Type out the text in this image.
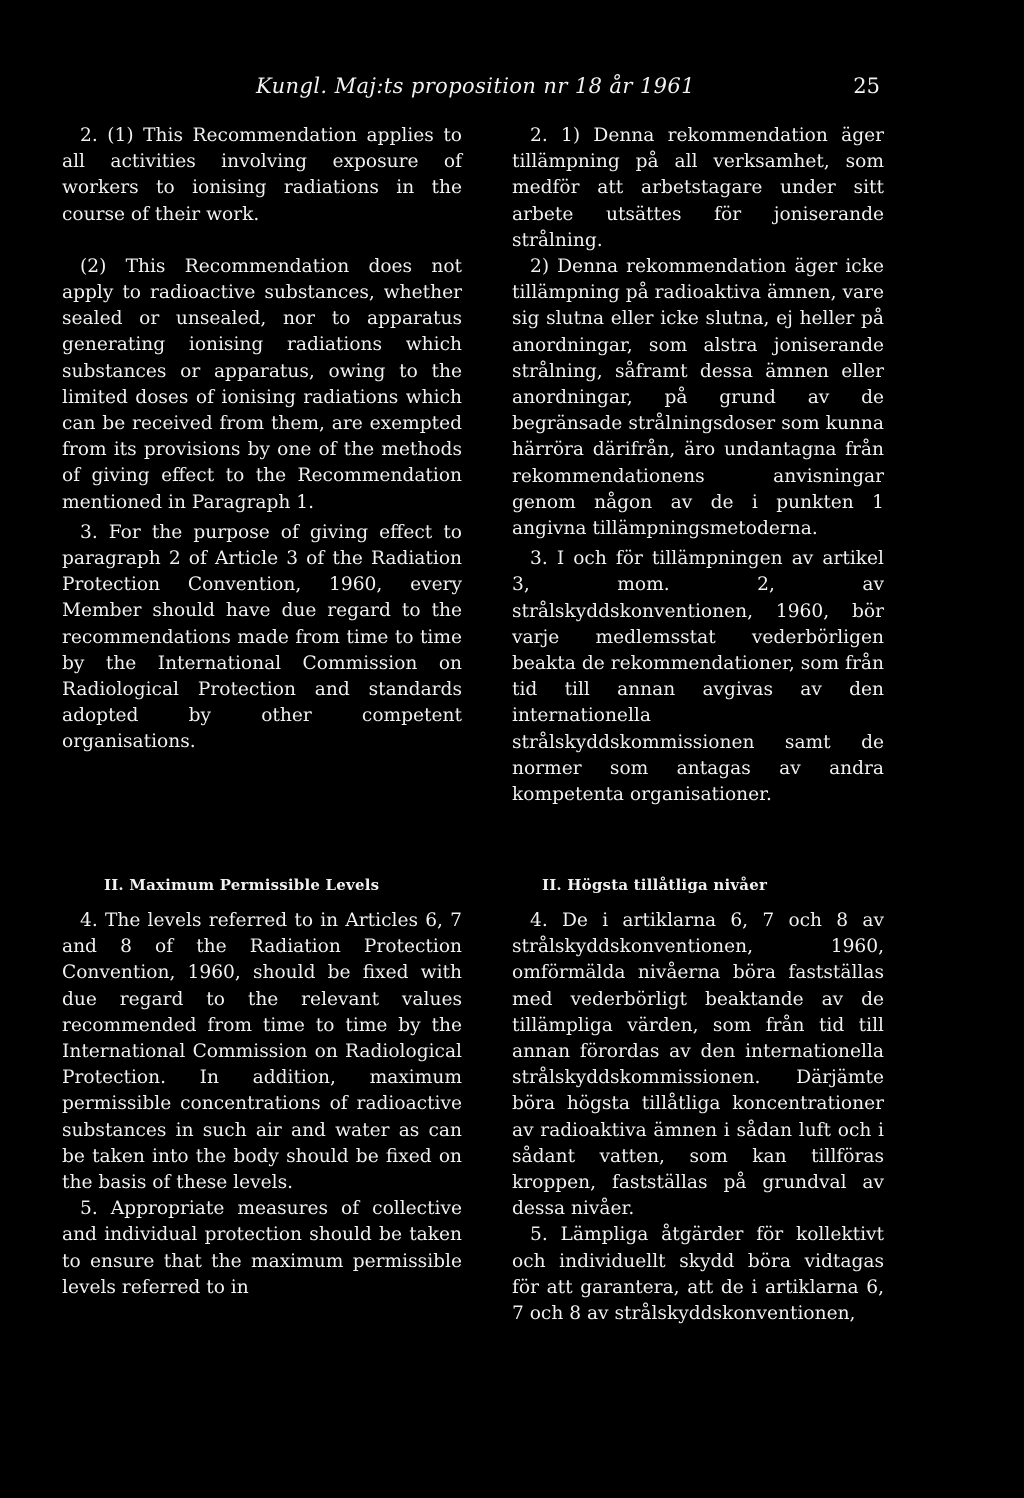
Kungl. Maj:ts proposition nr 18 år 1961	25

2. (1) This Recommendation applies to all activities involving exposure of workers to ionising radiations in the course of their work.

(2) This Recommendation does not apply to radioactive substances, whether sealed or unsealed, nor to apparatus generating ionising radiations which substances or apparatus, owing to the limited doses of ionising radiations which can be received from them, are exempted from its provisions by one of the methods of giving effect to the Recommendation mentioned in Paragraph 1.

3. For the purpose of giving effect to paragraph 2 of Article 3 of the Radiation Protection Convention, 1960, every Member should have due regard to the recommendations made from time to time by the International Commission on Radiological Protection and standards adopted by other competent organisations.

2. 1) Denna rekommendation äger tillämpning på all verksamhet, som medför att arbetstagare under sitt arbete utsättes för joniserande strålning.

2) Denna rekommendation äger icke tillämpning på radioaktiva ämnen, vare sig slutna eller icke slutna, ej heller på anordningar, som alstra joniserande strålning, såframt dessa ämnen eller anordningar, på grund av de begränsade strålningsdoser som kunna härröra därifrån, äro undantagna från rekommendationens anvisningar genom någon av de i punkten 1 angivna tillämpningsmetoderna.

3. I och för tillämpningen av artikel 3, mom. 2, av strålskyddskonventionen, 1960, bör varje medlemsstat vederbörligen beakta de rekommendationer, som från tid till annan avgivas av den internationella strålskyddskommissionen samt de normer som antagas av andra kompetenta organisationer.

II. Maximum Permissible Levels	II. Högsta tillåtliga nivåer

4. The levels referred to in Articles 6, 7 and 8 of the Radiation Protection Convention, 1960, should be fixed with due regard to the relevant values recommended from time to time by the International Commission on Radiological Protection. In addition, maximum permissible concentrations of radioactive substances in such air and water as can be taken into the body should be fixed on the basis of these levels.

5. Appropriate measures of collective and individual protection should be taken to ensure that the maximum permissible levels referred to in

4. De i artiklarna 6, 7 och 8 av strålskyddskonventionen, 1960, omförmälda nivåerna böra fastställas med vederbörligt beaktande av de tillämpliga värden, som från tid till annan förordas av den internationella strålskyddskommissionen. Därjämte böra högsta tillåtliga koncentrationer av radioaktiva ämnen i sådan luft och i sådant vatten, som kan tillföras kroppen, fastställas på grundval av dessa nivåer.

5. Lämpliga åtgärder för kollektivt och individuellt skydd böra vidtagas för att garantera, att de i artiklarna 6, 7 och 8 av strålskyddskonventionen,
